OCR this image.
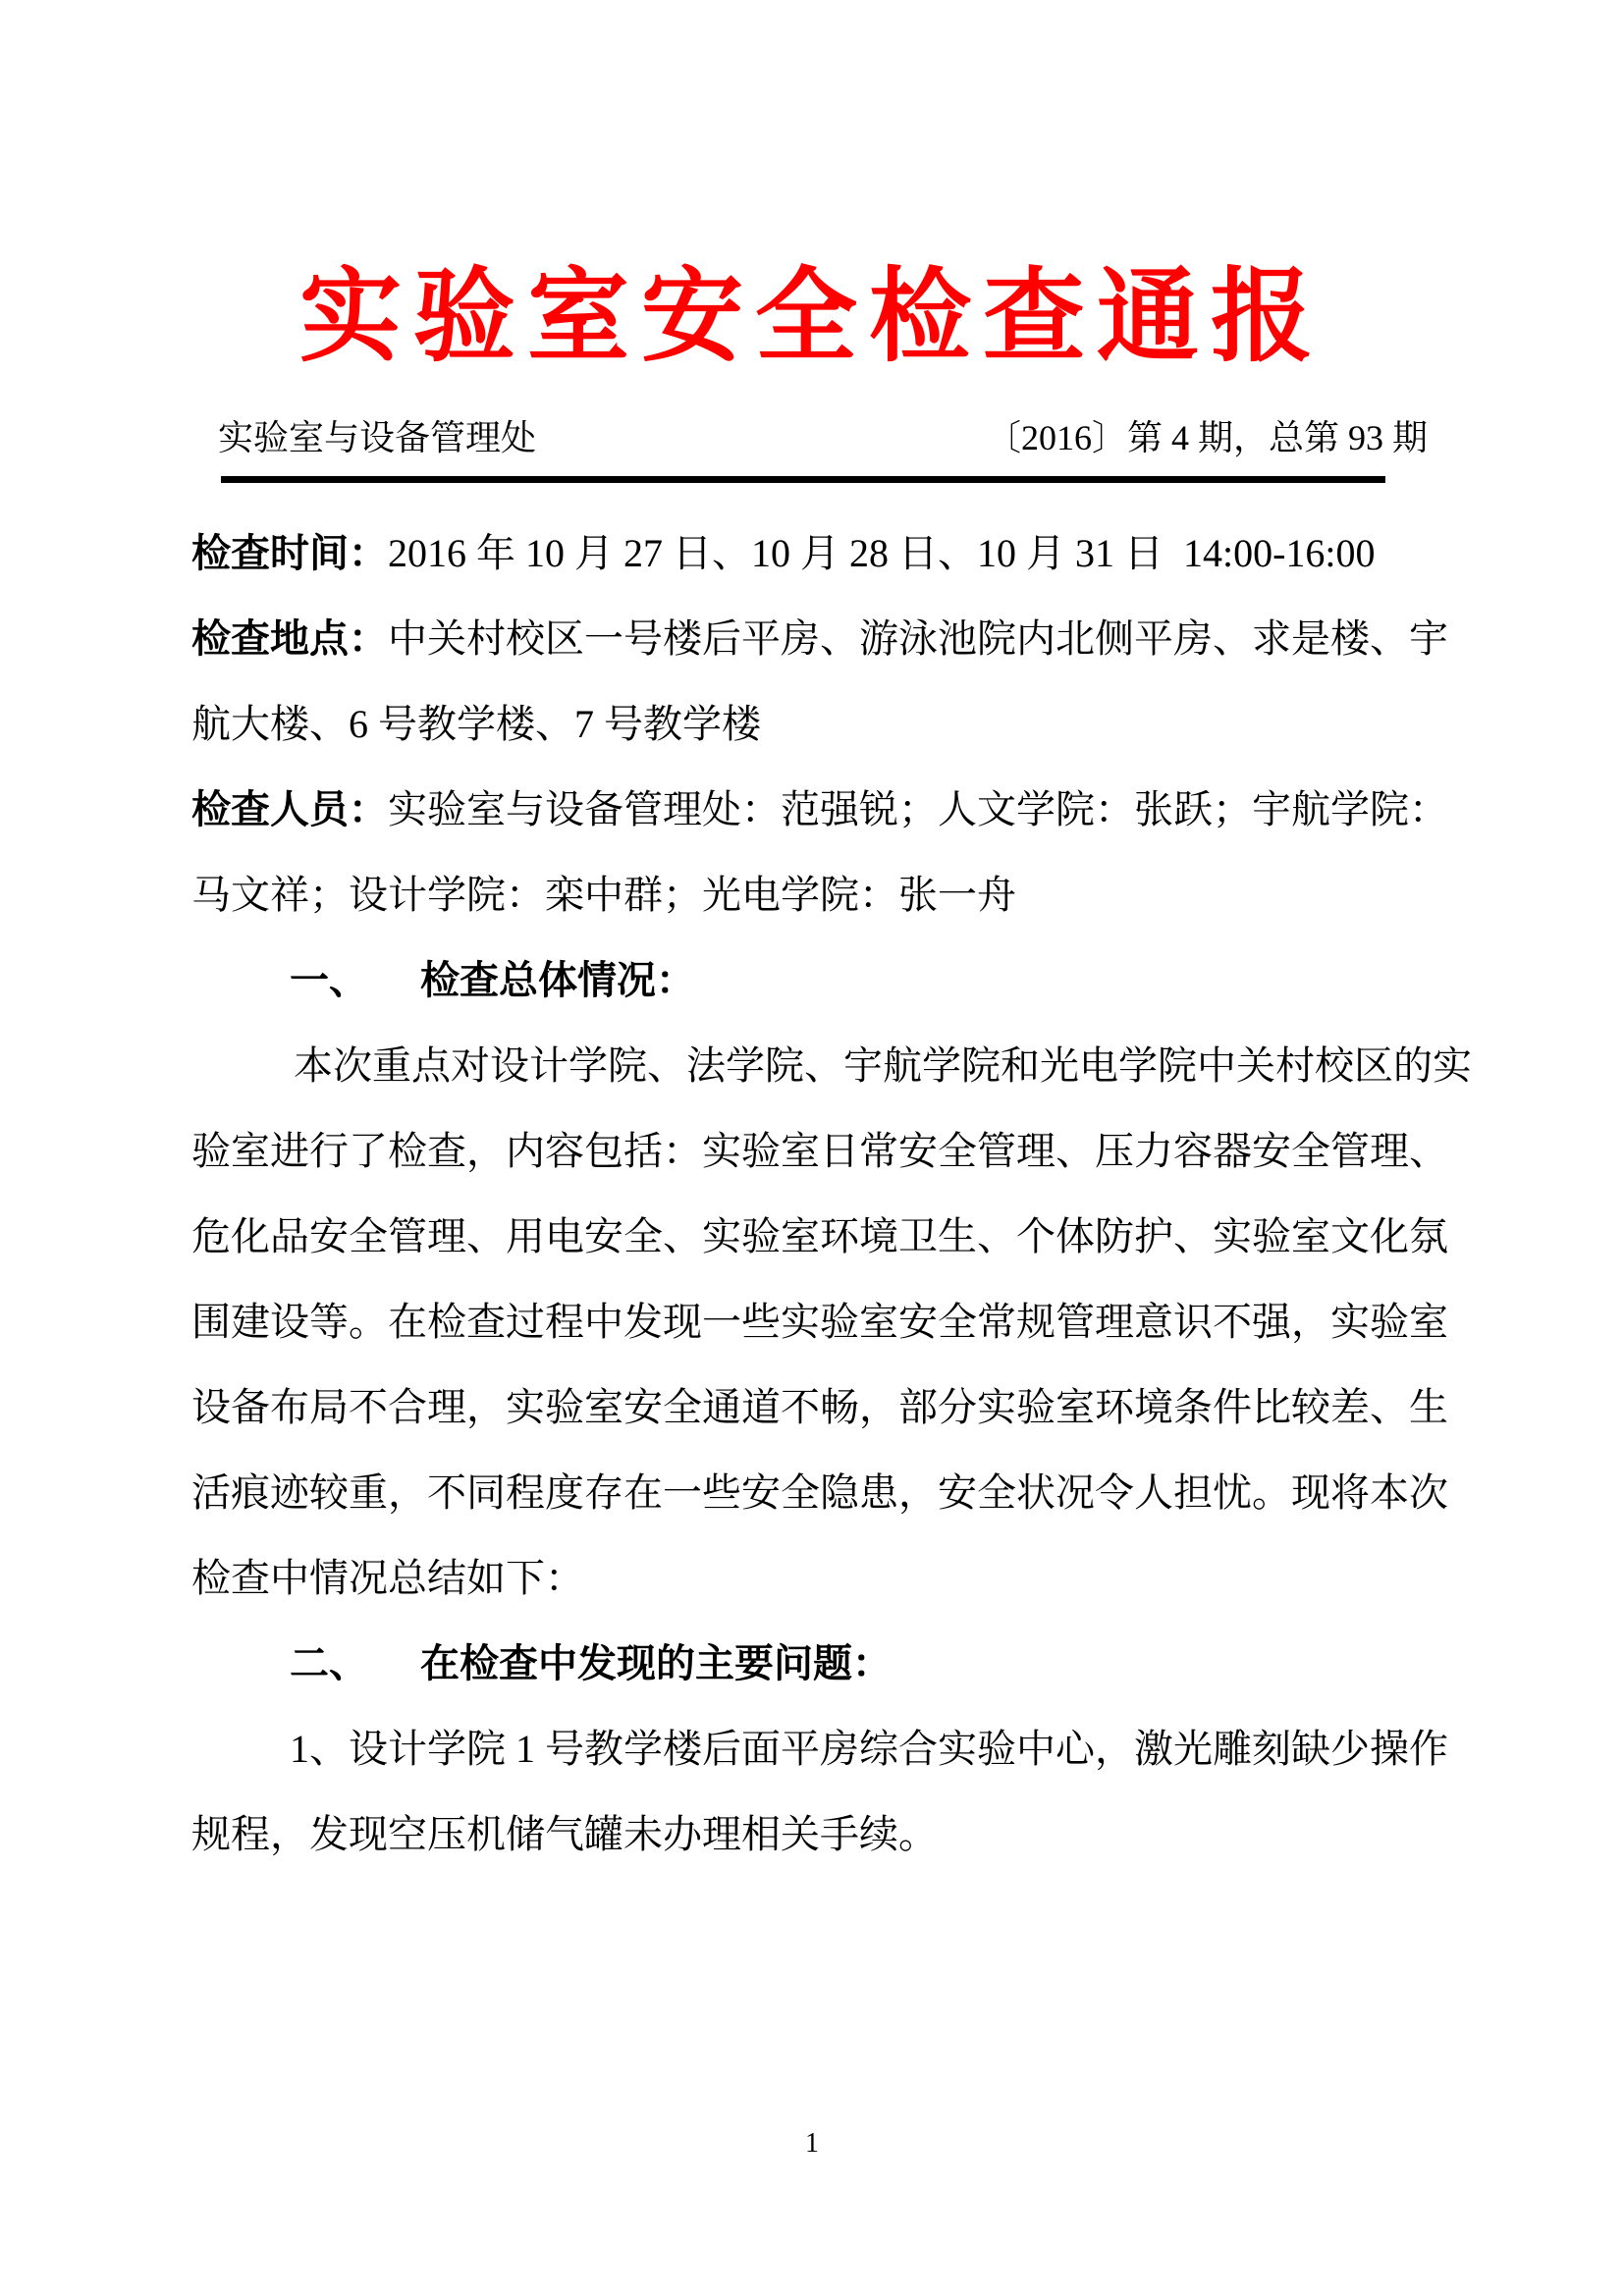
实验室安全检查通报
实验室与设备管理处	〔2016〕第 4 期，总第 93 期
检查时间：2016 年 10 月 27 日、10 月 28 日、10 月 31 日  14:00-16:00
检查地点：中关村校区一号楼后平房、游泳池院内北侧平房、求是楼、宇
航大楼、6 号教学楼、7 号教学楼
检查人员：实验室与设备管理处：范强锐；人文学院：张跃；宇航学院：
马文祥；设计学院：栾中群；光电学院：张一舟
一、 检查总体情况：
本次重点对设计学院、法学院、宇航学院和光电学院中关村校区的实
验室进行了检查，内容包括：实验室日常安全管理、压力容器安全管理、
危化品安全管理、用电安全、实验室环境卫生、个体防护、实验室文化氛
围建设等。在检查过程中发现一些实验室安全常规管理意识不强，实验室
设备布局不合理，实验室安全通道不畅，部分实验室环境条件比较差、生
活痕迹较重，不同程度存在一些安全隐患，安全状况令人担忧。现将本次
检查中情况总结如下：
二、 在检查中发现的主要问题：
1、设计学院 1 号教学楼后面平房综合实验中心，激光雕刻缺少操作
规程，发现空压机储气罐未办理相关手续。
1
